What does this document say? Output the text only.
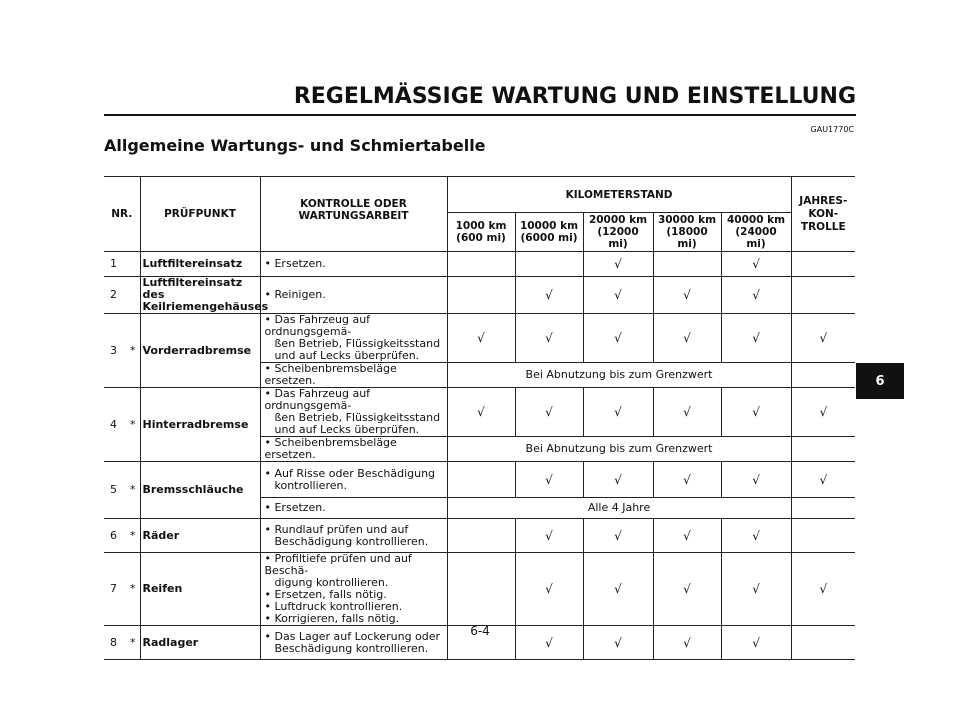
REGELMÄSSIGE WARTUNG UND EINSTELLUNG
GAU1770C
Allgemeine Wartungs- und Schmiertabelle
NR.		PRÜFPUNKT	KONTROLLE ODER WARTUNGSARBEIT	KILOMETERSTAND					JAHRES-KON-TROLLE
				1000 km (600 mi)	10000 km (6000 mi)	20000 km (12000 mi)	30000 km (18000 mi)	40000 km (24000 mi)	
1		Luftfiltereinsatz	• Ersetzen.			√		√	
2		Luftfiltereinsatz des Keilriemengehäuses	• Reinigen.		√	√	√	√	
3	*	Vorderradbremse	• Das Fahrzeug auf ordnungsgemä-
ßen Betrieb, Flüssigkeitsstand
und auf Lecks überprüfen.	√	√	√	√	√	√
			• Scheibenbremsbeläge ersetzen.	Bei Abnutzung bis zum Grenzwert					
4	*	Hinterradbremse	• Das Fahrzeug auf ordnungsgemä-
ßen Betrieb, Flüssigkeitsstand
und auf Lecks überprüfen.	√	√	√	√	√	√
			• Scheibenbremsbeläge ersetzen.	Bei Abnutzung bis zum Grenzwert					
5	*	Bremsschläuche	• Auf Risse oder Beschädigung
kontrollieren.		√	√	√	√	√
			• Ersetzen.	Alle 4 Jahre					
6	*	Räder	• Rundlauf prüfen und auf
Beschädigung kontrollieren.		√	√	√	√	
7	*	Reifen	• Profiltiefe prüfen und auf Beschä-
digung kontrollieren.
• Ersetzen, falls nötig.
• Luftdruck kontrollieren.
• Korrigieren, falls nötig.		√	√	√	√	√
8	*	Radlager	• Das Lager auf Lockerung oder
Beschädigung kontrollieren.		√	√	√	√	
6
6-4
